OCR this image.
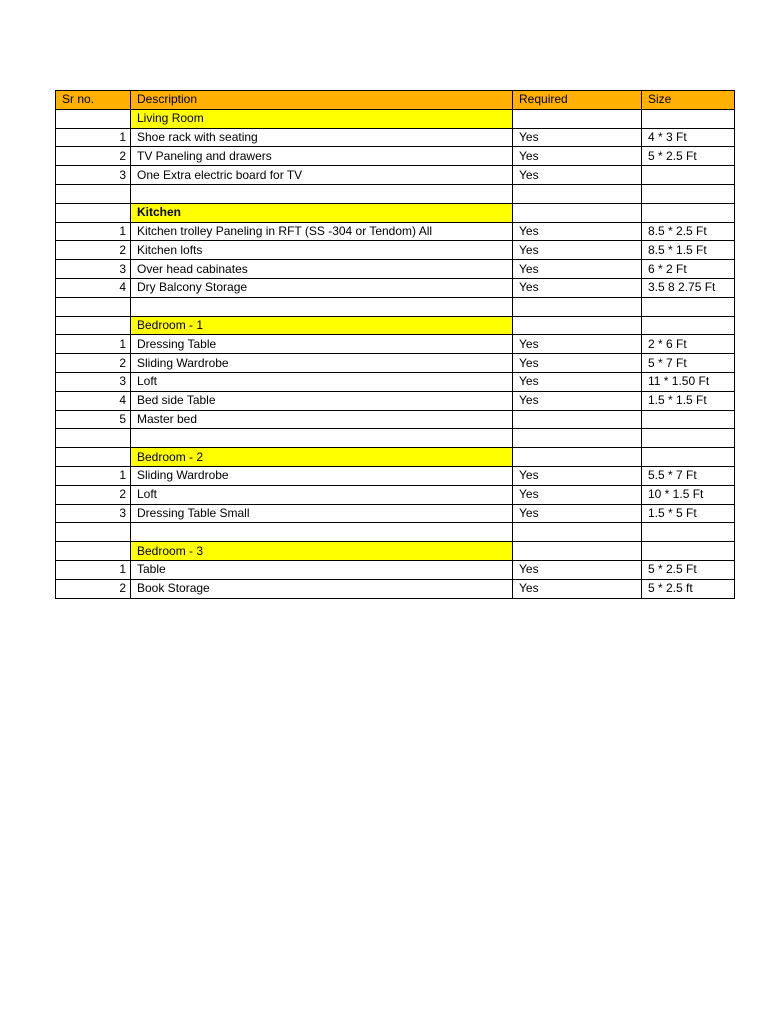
Sr no.	Description	Required	Size
	Living Room		
1	Shoe rack with seating	Yes	4 * 3 Ft
2	TV Paneling and drawers	Yes	5 * 2.5 Ft
3	One Extra electric board for TV	Yes	

	Kitchen		
1	Kitchen trolley Paneling in RFT (SS -304 or Tendom) All	Yes	8.5 * 2.5 Ft
2	Kitchen lofts	Yes	8.5 * 1.5 Ft
3	Over head cabinates	Yes	6 * 2 Ft
4	Dry Balcony Storage	Yes	3.5 8 2.75 Ft

	Bedroom - 1		
1	Dressing Table	Yes	2 * 6 Ft
2	Sliding Wardrobe	Yes	5 * 7 Ft
3	Loft	Yes	11 * 1.50 Ft
4	Bed side Table	Yes	1.5 * 1.5 Ft
5	Master bed		

	Bedroom - 2		
1	Sliding Wardrobe	Yes	5.5 * 7 Ft
2	Loft	Yes	10 * 1.5 Ft
3	Dressing Table Small	Yes	1.5 * 5 Ft

	Bedroom - 3		
1	Table	Yes	5 * 2.5 Ft
2	Book Storage	Yes	5 * 2.5 ft
